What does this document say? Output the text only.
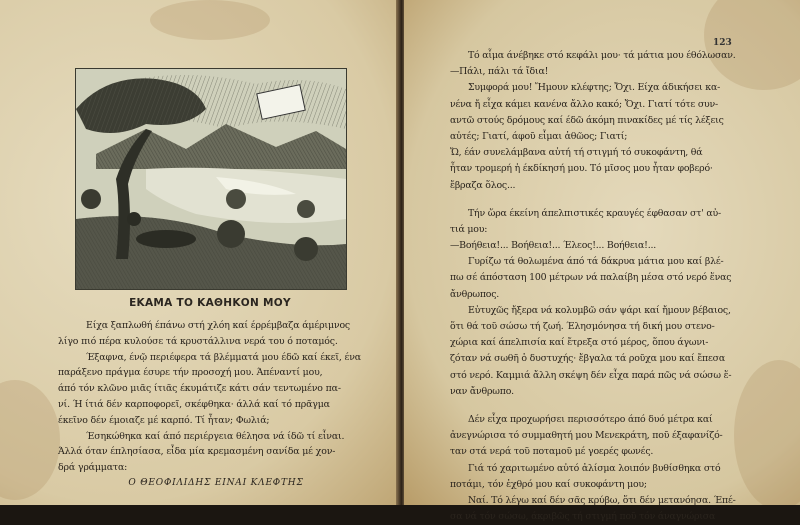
ΕΚΑΜΑ ΤΟ ΚΑΘΗΚΟΝ ΜΟΥ
Είχα ξαπλωθή έπάνω στή χλόη καί έρρέμβαζα άμέριμνος
λίγο πιό πέρα κυλούσε τά κρυστάλλινα νερά του ό ποταμός.
Έξαφνα, ένῷ περιέφερα τά βλέμματά μου έδῶ καί έκεῖ, ένα
παράξενο πράγμα έσυρε τήν προσοχή μου. Άπέναντί μου,
άπό τόν κλῶνο μιᾶς ίτιᾶς έκυμάτιζε κάτι σάν τεντωμένο πα-
νί. Ή ίτιά δέν καρποφορεῖ, σκέφθηκα· άλλά καί τό πρᾶγμα
έκεῖνο δέν έμοιαζε μέ καρπό. Τί ἦταν; Φωλιά;
Έσηκώθηκα καί άπό περιέργεια θέλησα νά ίδῶ τί εἶναι.
Άλλά όταν έπλησίασα, εἶδα μία κρεμασμένη σανίδα μέ χον-
δρά γράμματα:
Ο ΘΕΟΦΙΛΙΔΗΣ ΕΙΝΑΙ ΚΛΕΦΤΗΣ
123
Τό αἷμα άνέβηκε στό κεφάλι μου· τά μάτια μου έθόλωσαν.
—Πάλι, πάλι τά ἴδια!
Συμφορά μου! Ἤμουν κλέφτης; Ὄχι. Είχα άδικήσει κα-
νένα ἤ εἶχα κάμει κανένα ἄλλο κακό; Ὄχι. Γιατί τότε συν-
αντῶ στούς δρόμους καί έδῶ άκόμη πινακίδες μέ τίς λέξεις
αὐτές; Γιατί, άφοῦ εἶμαι ἀθῶος; Γιατί;
Ὤ, έάν συνελάμβανα αὐτή τή στιγμή τό συκοφάντη, θά
ἦταν τρομερή ἡ έκδίκησή μου. Τό μῖσος μου ἦταν φοβερό·
ἔβραζα ὅλος...
Τήν ὥρα έκείνη άπελπιστικές κραυγές έφθασαν στ' αὐ-
τιά μου:
—Βοήθεια!... Βοήθεια!... Έλεος!... Βοήθεια!...
Γυρίζω τά θολωμένα άπό τά δάκρυα μάτια μου καί βλέ-
πω σέ άπόσταση 100 μέτρων νά παλαίβη μέσα στό νερό ἕνας
ἄνθρωπος.
Εὐτυχῶς ἤξερα νά κολυμβῶ σάν ψάρι καί ἤμουν βέβαιος,
ὅτι θά τοῦ σώσω τή ζωή. Έλησμόνησα τή δική μου στενο-
χώρια καί άπελπισία καί ἔτρεξα στό μέρος, ὅπου άγωνι-
ζόταν νά σωθῆ ὁ δυστυχής· ἔβγαλα τά ροῦχα μου καί ἔπεσα
στό νερό. Καμμιά ἄλλη σκέψη δέν εἶχα παρά πῶς νά σώσω ἕ-
ναν ἄνθρωπο.
Δέν εἶχα προχωρήσει περισσότερο άπό δυό μέτρα καί
ἀνεγνώρισα τό συμμαθητή μου Μενεκράτη, ποῦ έξαφανίζό-
ταν στά νερά τοῦ ποταμοῦ μέ γοερές φωνές.
Γιά τό χαριτωμένο αὐτό ἀλίσμα λοιπόν βυθίσθηκα στό
ποτάμι, τόν ἐχθρό μου καί συκοφάντη μου;
Ναί. Τό λέγω καί δέν σᾶς κρύβω, ὅτι δέν μετανόησα. Έπέ-
σα νά τόν σώσω, άκριβῶς τή στιγμή ποῦ τόν άναγνώρισα
